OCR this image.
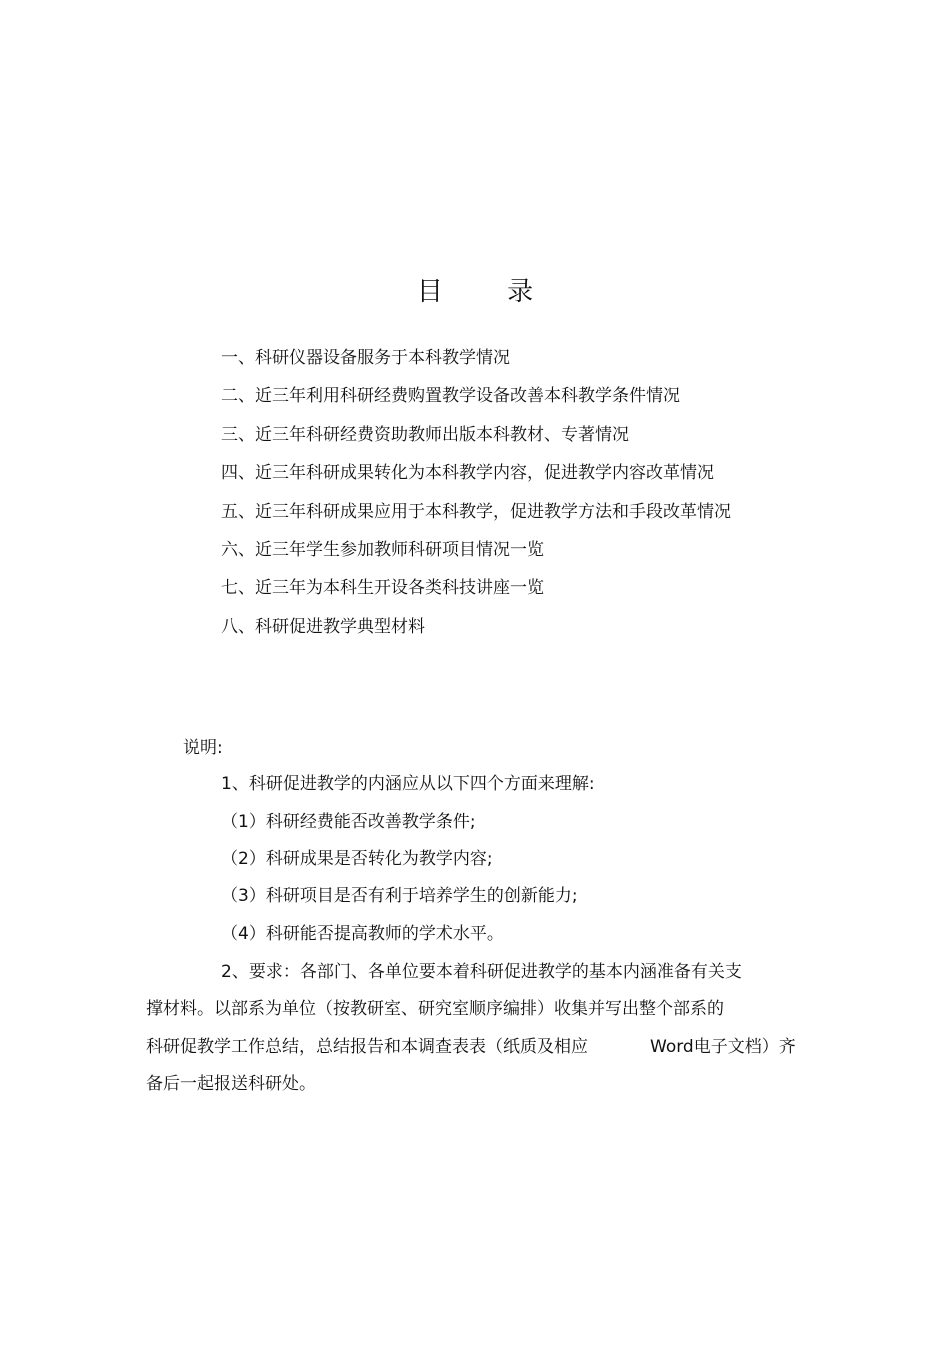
目 录
一、科研仪器设备服务于本科教学情况
二、近三年利用科研经费购置教学设备改善本科教学条件情况
三、近三年科研经费资助教师出版本科教材、专著情况
四、近三年科研成果转化为本科教学内容，促进教学内容改革情况
五、近三年科研成果应用于本科教学，促进教学方法和手段改革情况
六、近三年学生参加教师科研项目情况一览
七、近三年为本科生开设各类科技讲座一览
八、科研促进教学典型材料
说明:
1、科研促进教学的内涵应从以下四个方面来理解:
（1）科研经费能否改善教学条件;
（2）科研成果是否转化为教学内容;
（3）科研项目是否有利于培养学生的创新能力;
（4）科研能否提高教师的学术水平。
2、要求：各部门、各单位要本着科研促进教学的基本内涵准备有关支
撑材料。以部系为单位（按教研室、研究室顺序编排）收集并写出整个部系的
科研促教学工作总结，总结报告和本调查表表（纸质及相应	Word电子文档）齐
备后一起报送科研处。
